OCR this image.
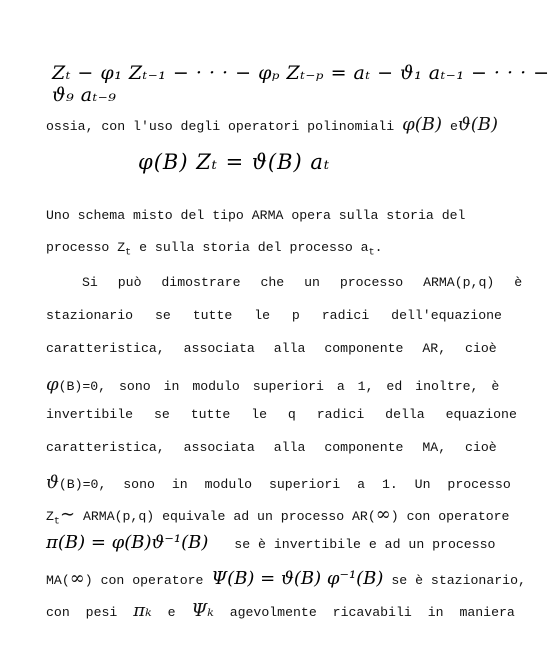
Zₜ − φ₁ Zₜ₋₁ − · · · − φₚ Zₜ₋ₚ = aₜ − ϑ₁ aₜ₋₁ − · · · − ϑ₉ aₜ₋₉
ossia, con l'uso degli operatori polinomiali φ(B) eϑ(B)
φ(B) Zₜ = ϑ(B) aₜ
Uno schema misto del tipo ARMA opera sulla storia del
processo $Z_t$ e sulla storia del processo $a_t$.
Si può dimostrare che un processo ARMA(p,q) è
stazionario se tutte le p radici dell'equazione
caratteristica, associata alla componente AR, cioè
φ(B)=0, sono in modulo superiori a 1, ed inoltre, è
invertibile se tutte le q radici della equazione
caratteristica, associata alla componente MA, cioè
ϑ(B)=0, sono in modulo superiori a 1. Un processo
$Z_t\sim$ ARMA(p,q) equivale ad un processo AR(∞) con operatore
π(B) = φ(B)ϑ⁻¹(B) se è invertibile e ad un processo
MA(∞) con operatore Ψ(B) = ϑ(B) φ⁻¹(B) se è stazionario,
con pesi πₖ e Ψₖ agevolmente ricavabili in maniera
